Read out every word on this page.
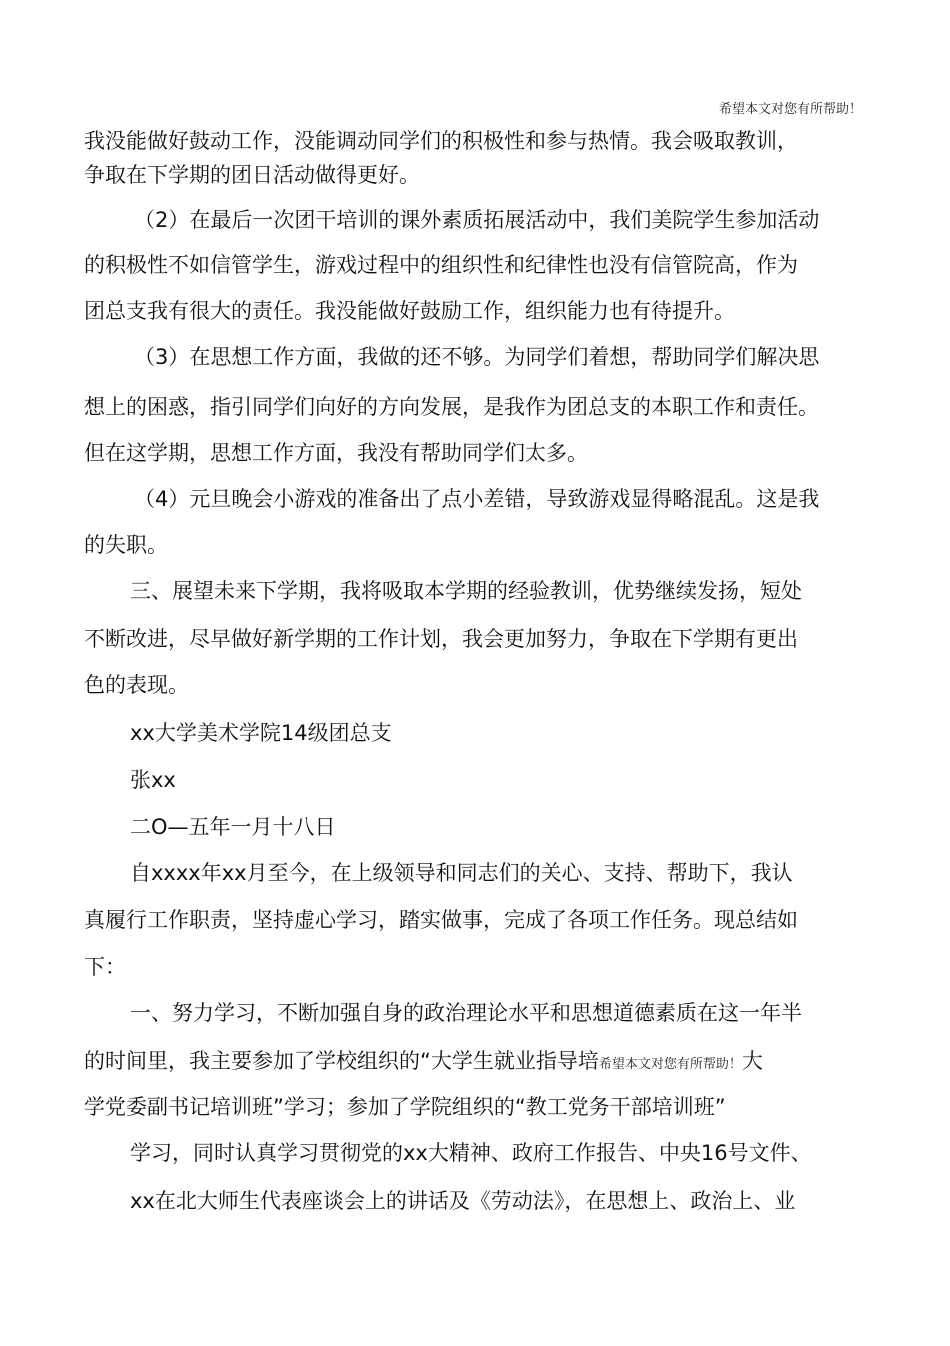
希望本文对您有所帮助！
我没能做好鼓动工作，没能调动同学们的积极性和参与热情。我会吸取教训，
争取在下学期的团日活动做得更好。
（2）在最后一次团干培训的课外素质拓展活动中，我们美院学生参加活动
的积极性不如信管学生，游戏过程中的组织性和纪律性也没有信管院高，作为
团总支我有很大的责任。我没能做好鼓励工作，组织能力也有待提升。
（3）在思想工作方面，我做的还不够。为同学们着想，帮助同学们解决思
想上的困惑，指引同学们向好的方向发展，是我作为团总支的本职工作和责任。
但在这学期，思想工作方面，我没有帮助同学们太多。
（4）元旦晚会小游戏的准备出了点小差错，导致游戏显得略混乱。这是我
的失职。
三、展望未来下学期，我将吸取本学期的经验教训，优势继续发扬，短处
不断改进，尽早做好新学期的工作计划，我会更加努力，争取在下学期有更出
色的表现。
xx大学美术学院14级团总支
张xx
二O—五年一月十八日
自xxxx年xx月至今，在上级领导和同志们的关心、支持、帮助下，我认
真履行工作职责，坚持虚心学习，踏实做事，完成了各项工作任务。现总结如
下：
一、努力学习，不断加强自身的政治理论水平和思想道德素质在这一年半
的时间里，我主要参加了学校组织的“大学生就业指导培希望本文对您有所帮助！大
学党委副书记培训班”学习；参加了学院组织的“教工党务干部培训班”
学习，同时认真学习贯彻党的xx大精神、政府工作报告、中央16号文件、
xx在北大师生代表座谈会上的讲话及《劳动法》，在思想上、政治上、业
